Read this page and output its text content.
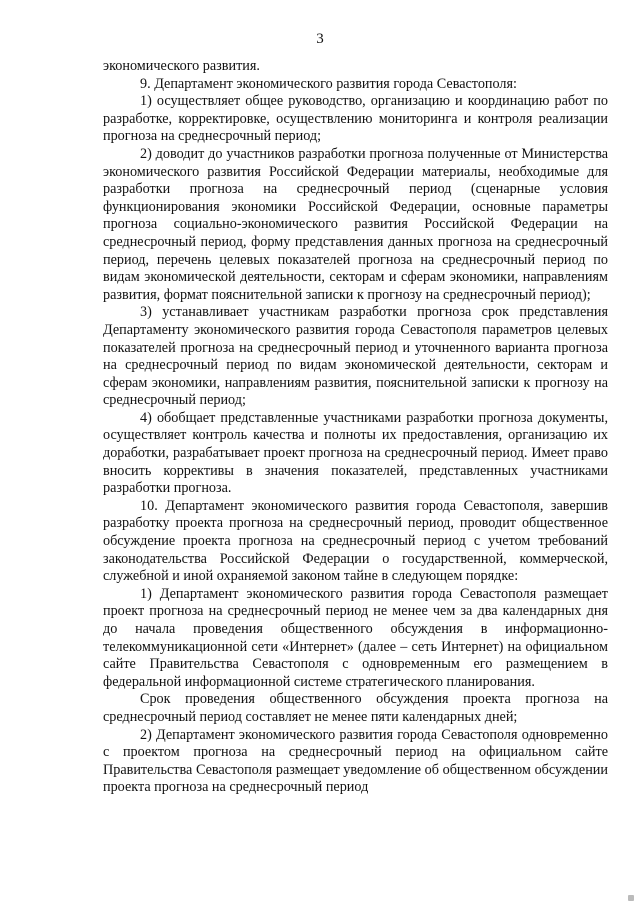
3

экономического развития.

9. Департамент экономического развития города Севастополя:

1) осуществляет общее руководство, организацию и координацию работ по разработке, корректировке, осуществлению мониторинга и контроля реализации прогноза на среднесрочный период;

2) доводит до участников разработки прогноза полученные от Министерства экономического развития Российской Федерации материалы, необходимые для разработки прогноза на среднесрочный период (сценарные условия функционирования экономики Российской Федерации, основные параметры прогноза социально-экономического развития Российской Федерации на среднесрочный период, форму представления данных прогноза на среднесрочный период, перечень целевых показателей прогноза на среднесрочный период по видам экономической деятельности, секторам и сферам экономики, направлениям развития, формат пояснительной записки к прогнозу на среднесрочный период);

3) устанавливает участникам разработки прогноза срок представления Департаменту экономического развития города Севастополя параметров целевых показателей прогноза на среднесрочный период и уточненного варианта прогноза на среднесрочный период по видам экономической деятельности, секторам и сферам экономики, направлениям развития, пояснительной записки к прогнозу на среднесрочный период;

4) обобщает представленные участниками разработки прогноза документы, осуществляет контроль качества и полноты их предоставления, организацию их доработки, разрабатывает проект прогноза на среднесрочный период. Имеет право вносить коррективы в значения показателей, представленных участниками разработки прогноза.

10. Департамент экономического развития города Севастополя, завершив разработку проекта прогноза на среднесрочный период, проводит общественное обсуждение проекта прогноза на среднесрочный период с учетом требований законодательства Российской Федерации о государственной, коммерческой, служебной и иной охраняемой законом тайне в следующем порядке:

1) Департамент экономического развития города Севастополя размещает проект прогноза на среднесрочный период не менее чем за два календарных дня до начала проведения общественного обсуждения в информационно-телекоммуникационной сети «Интернет» (далее – сеть Интернет) на официальном сайте Правительства Севастополя с одновременным его размещением в федеральной информационной системе стратегического планирования.

Срок проведения общественного обсуждения проекта прогноза на среднесрочный период составляет не менее пяти календарных дней;

2) Департамент экономического развития города Севастополя одновременно с проектом прогноза на среднесрочный период на официальном сайте Правительства Севастополя размещает уведомление об общественном обсуждении проекта прогноза на среднесрочный период
